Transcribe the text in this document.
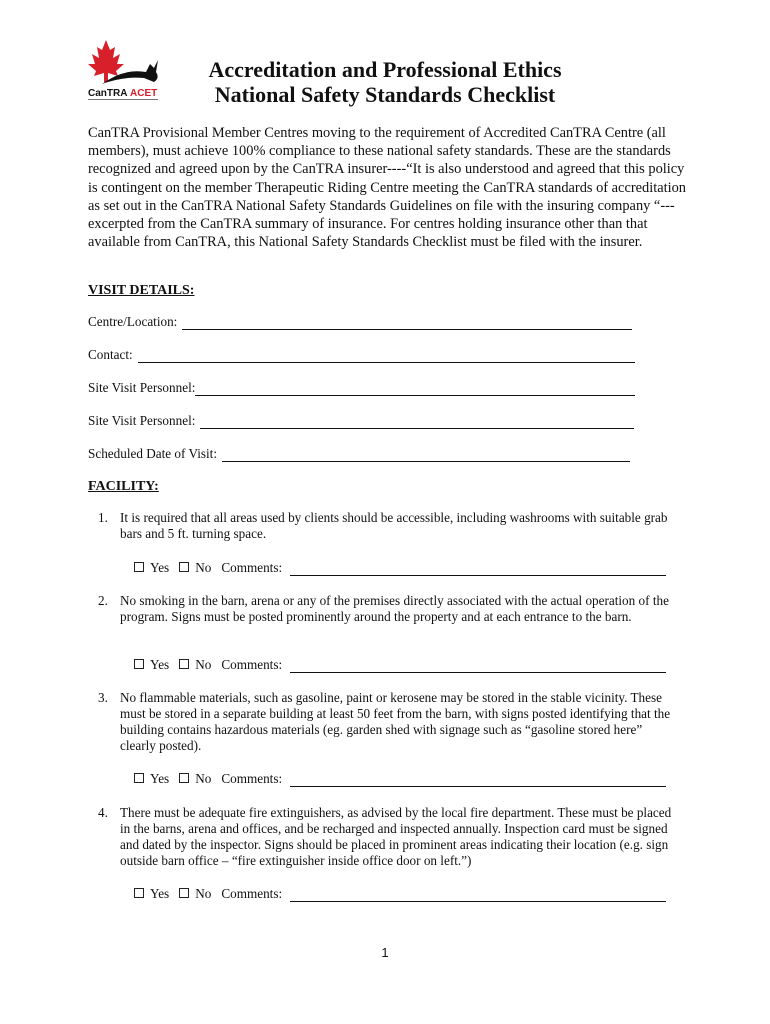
CanTRA ACET
Accreditation and Professional Ethics
National Safety Standards Checklist
CanTRA Provisional Member Centres moving to the requirement of Accredited CanTRA Centre (all members), must achieve 100% compliance to these national safety standards. These are the standards recognized and agreed upon by the CanTRA insurer----“It is also understood and agreed that this policy is contingent on the member Therapeutic Riding Centre meeting the CanTRA standards of accreditation as set out in the CanTRA National Safety Standards Guidelines on file with the insuring company “---excerpted from the CanTRA summary of insurance. For centres holding insurance other than that available from CanTRA, this National Safety Standards Checklist must be filed with the insurer.
VISIT DETAILS:
Centre/Location:
Contact:
Site Visit Personnel:
Site Visit Personnel:
Scheduled Date of Visit:
FACILITY:
1. It is required that all areas used by clients should be accessible, including washrooms with suitable grab bars and 5 ft. turning space.
Yes No Comments:
2. No smoking in the barn, arena or any of the premises directly associated with the actual operation of the program. Signs must be posted prominently around the property and at each entrance to the barn.
Yes No Comments:
3. No flammable materials, such as gasoline, paint or kerosene may be stored in the stable vicinity. These must be stored in a separate building at least 50 feet from the barn, with signs posted identifying that the building contains hazardous materials (eg. garden shed with signage such as “gasoline stored here” clearly posted).
Yes No Comments:
4. There must be adequate fire extinguishers, as advised by the local fire department. These must be placed in the barns, arena and offices, and be recharged and inspected annually. Inspection card must be signed and dated by the inspector. Signs should be placed in prominent areas indicating their location (e.g. sign outside barn office – “fire extinguisher inside office door on left.”)
Yes No Comments:
1
